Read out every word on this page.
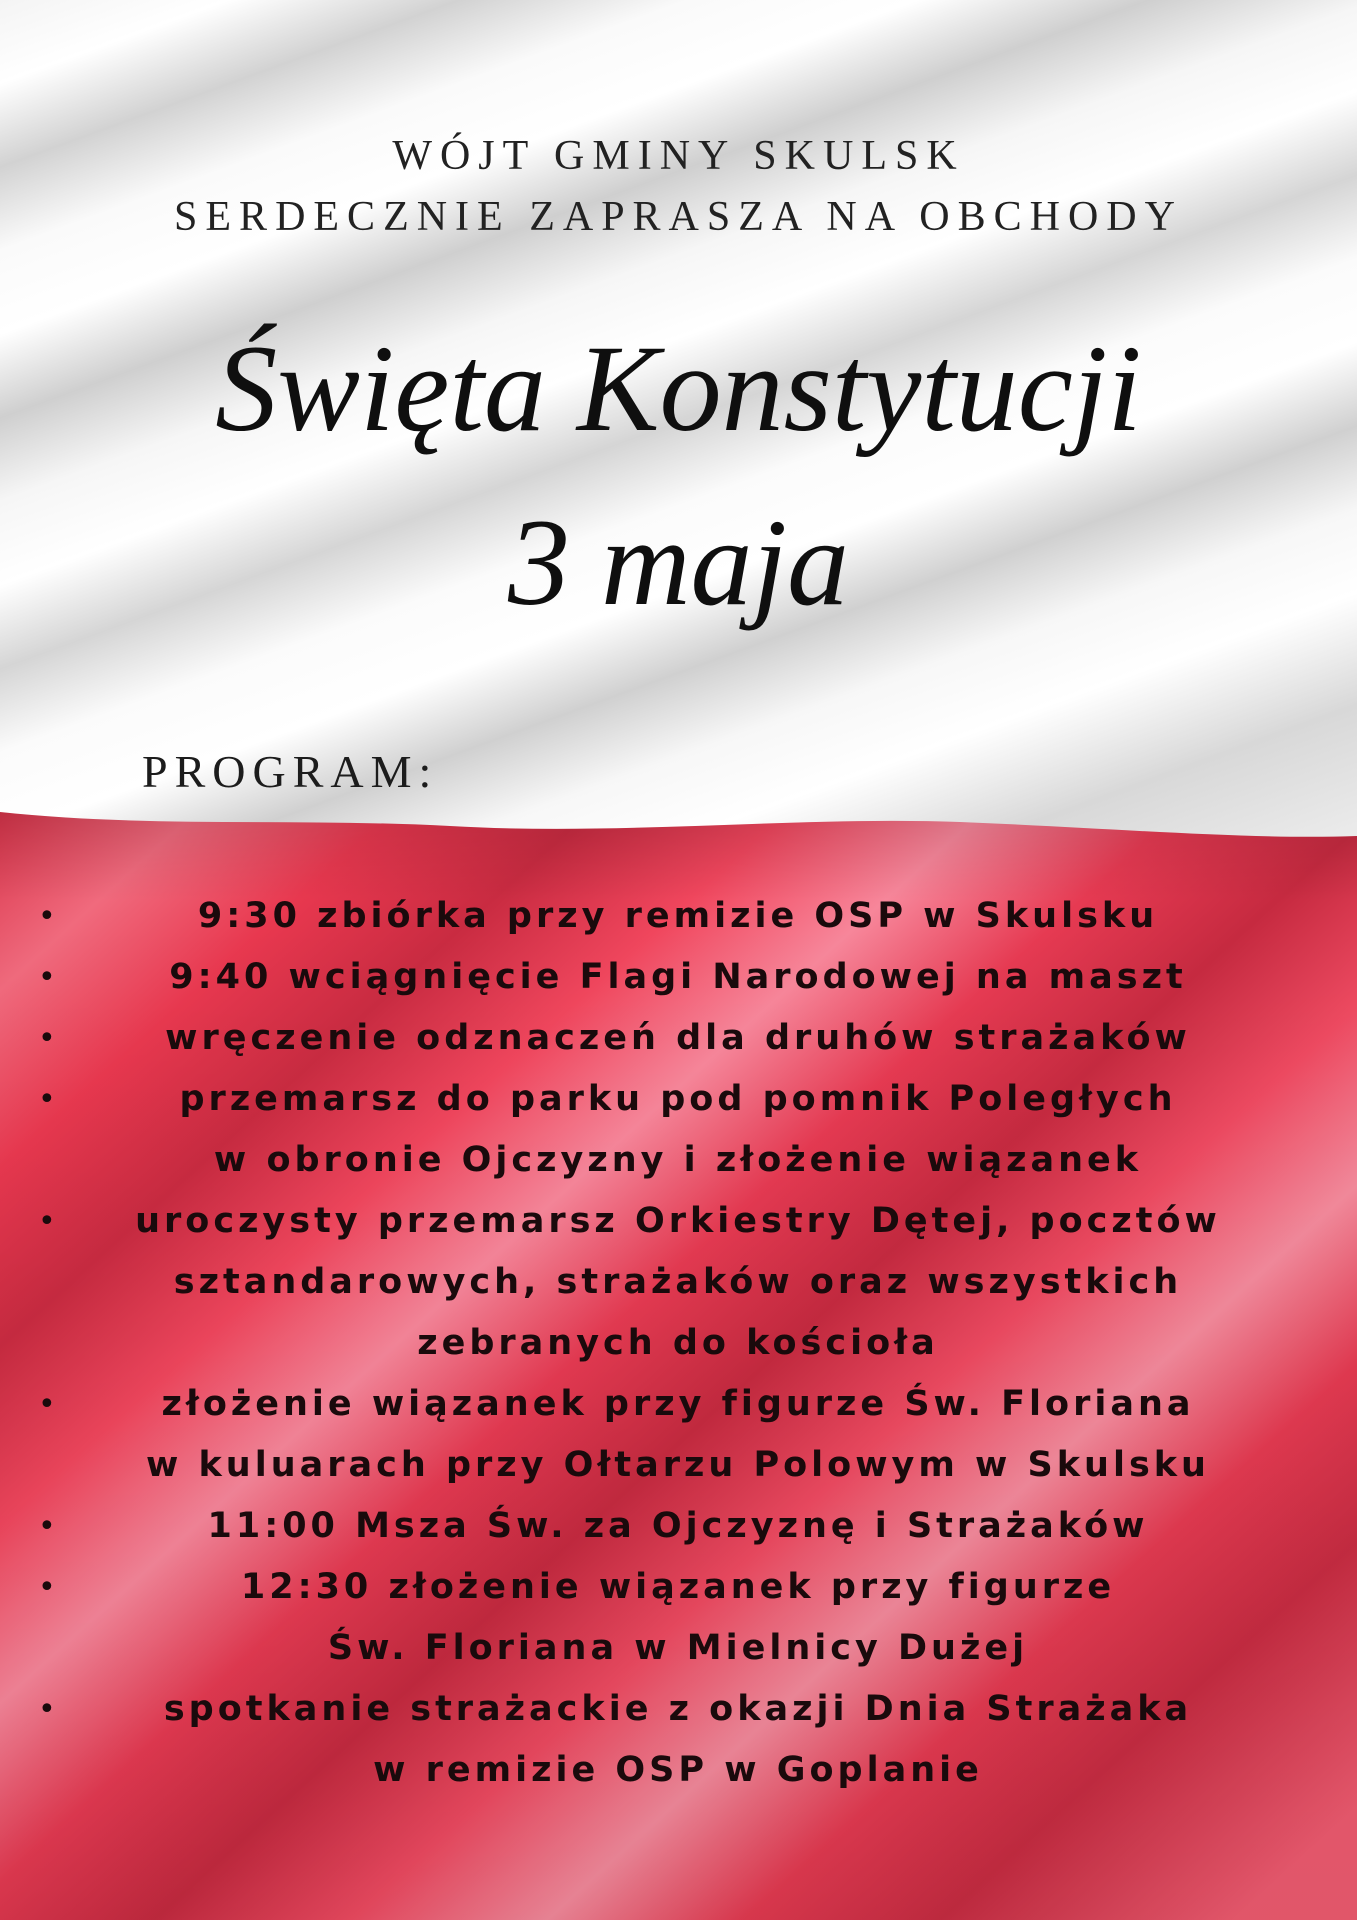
WÓJT GMINY SKULSK
SERDECZNIE ZAPRASZA NA OBCHODY
Święta Konstytucji
3 maja
PROGRAM:
•	9:30 zbiórka przy remizie OSP w Skulsku
•	9:40 wciągnięcie Flagi Narodowej na maszt
•	wręczenie odznaczeń dla druhów strażaków
•	przemarsz do parku pod pomnik Poległych
w obronie Ojczyzny i złożenie wiązanek
•	uroczysty przemarsz Orkiestry Dętej, pocztów
sztandarowych, strażaków oraz wszystkich
zebranych do kościoła
•	złożenie wiązanek przy figurze Św. Floriana
w kuluarach przy Ołtarzu Polowym w Skulsku
•	11:00 Msza Św. za Ojczyznę i Strażaków
•	12:30 złożenie wiązanek przy figurze
Św. Floriana w Mielnicy Dużej
•	spotkanie strażackie z okazji Dnia Strażaka
w remizie OSP w Goplanie
